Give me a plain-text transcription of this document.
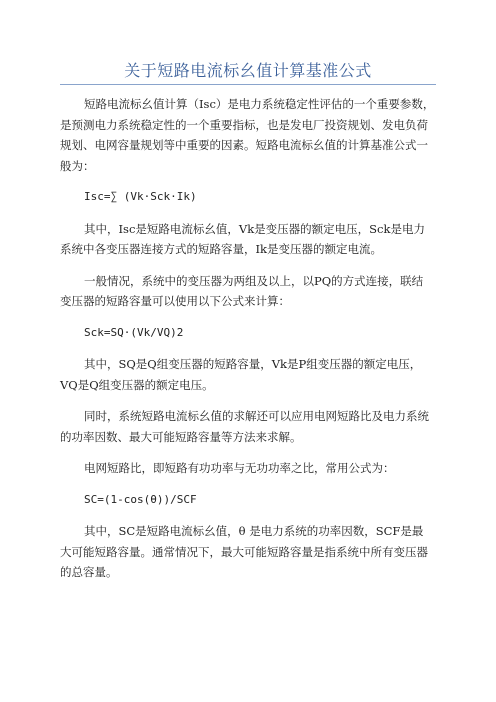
关于短路电流标幺值计算基准公式

短路电流标幺值计算（Isc）是电力系统稳定性评估的一个重要参数，
是预测电力系统稳定性的一个重要指标，也是发电厂投资规划、发电负荷
规划、电网容量规划等中重要的因素。短路电流标幺值的计算基准公式一
般为：

Isc=∑ (Vk·Sck·Ik)

其中，Isc是短路电流标幺值，Vk是变压器的额定电压，Sck是电力
系统中各变压器连接方式的短路容量，Ik是变压器的额定电流。

一般情况，系统中的变压器为两组及以上，以PQ的方式连接，联结
变压器的短路容量可以使用以下公式来计算：

Sck=SQ·(Vk/VQ)2

其中，SQ是Q组变压器的短路容量，Vk是P组变压器的额定电压，
VQ是Q组变压器的额定电压。

同时，系统短路电流标幺值的求解还可以应用电网短路比及电力系统
的功率因数、最大可能短路容量等方法来求解。

电网短路比，即短路有功功率与无功功率之比，常用公式为：

SC=(1-cos(θ))/SCF

其中，SC是短路电流标幺值，θ 是电力系统的功率因数，SCF是最
大可能短路容量。通常情况下，最大可能短路容量是指系统中所有变压器
的总容量。
